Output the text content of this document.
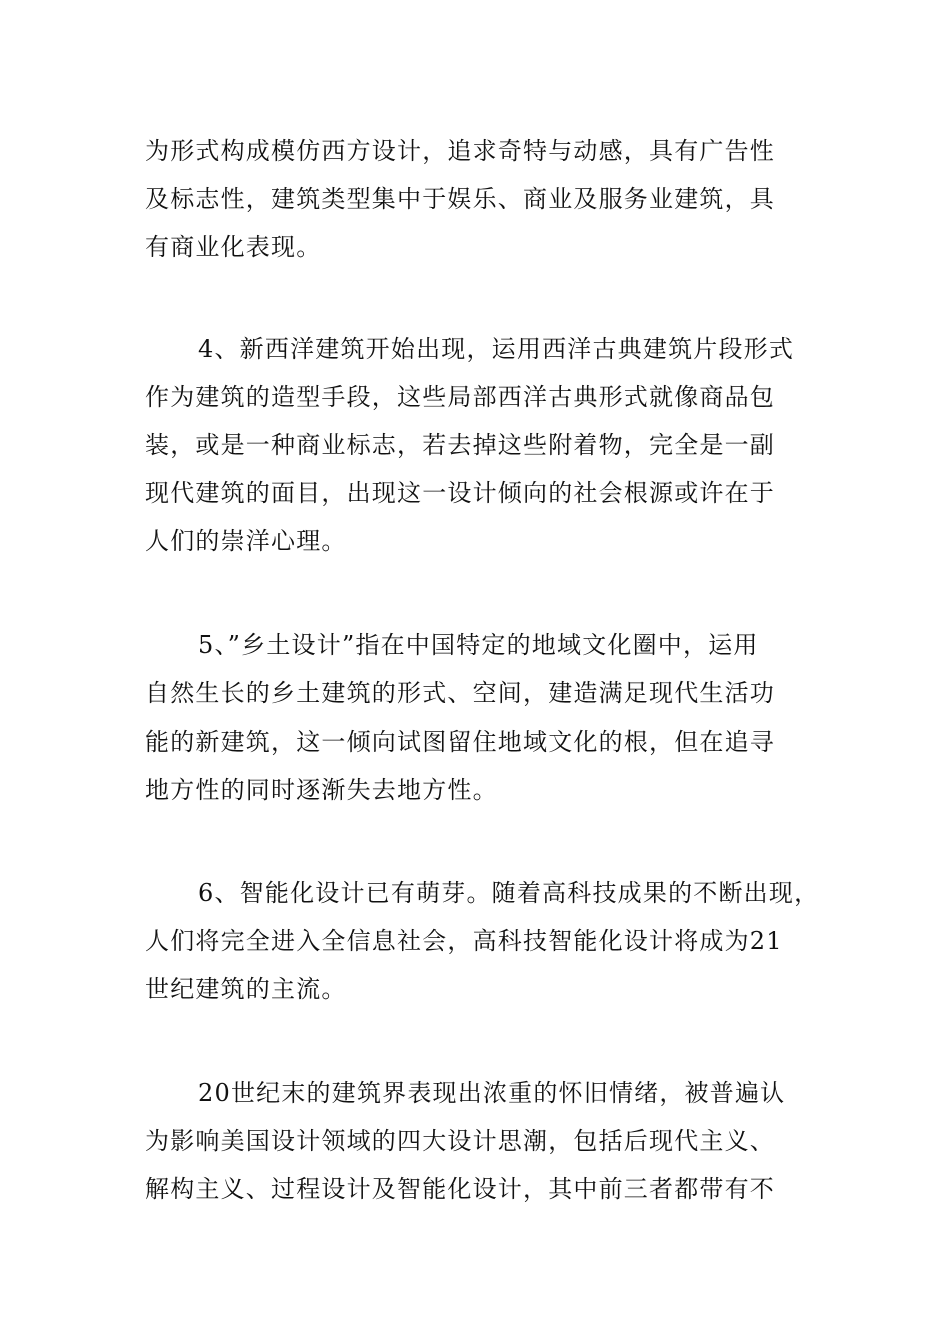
为形式构成模仿西方设计，追求奇特与动感，具有广告性
及标志性，建筑类型集中于娱乐、商业及服务业建筑，具
有商业化表现。
4、新西洋建筑开始出现，运用西洋古典建筑片段形式
作为建筑的造型手段，这些局部西洋古典形式就像商品包
装，或是一种商业标志，若去掉这些附着物，完全是一副
现代建筑的面目，出现这一设计倾向的社会根源或许在于
人们的崇洋心理。
5、”乡土设计”指在中国特定的地域文化圈中，运用
自然生长的乡土建筑的形式、空间，建造满足现代生活功
能的新建筑，这一倾向试图留住地域文化的根，但在追寻
地方性的同时逐渐失去地方性。
6、智能化设计已有萌芽。随着高科技成果的不断出现，
人们将完全进入全信息社会，高科技智能化设计将成为21
世纪建筑的主流。
20世纪末的建筑界表现出浓重的怀旧情绪，被普遍认
为影响美国设计领域的四大设计思潮，包括后现代主义、
解构主义、过程设计及智能化设计，其中前三者都带有不
